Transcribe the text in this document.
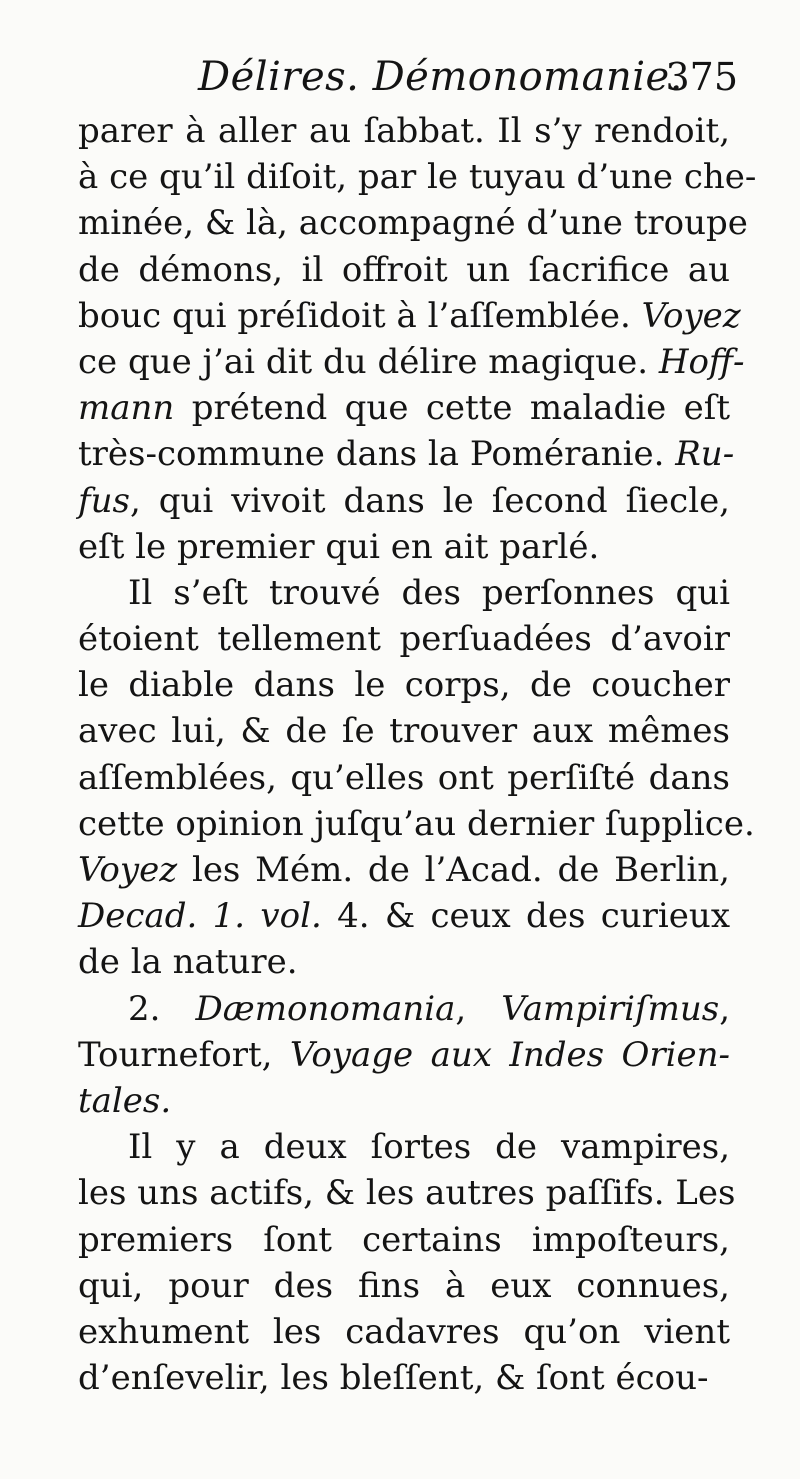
Délires. Démonomanie.
375
parer à aller au ſabbat. Il s’y rendoit,
à ce qu’il diſoit, par le tuyau d’une che-
minée, & là, accompagné d’une troupe
de démons, il offroit un ſacrifice au
bouc qui préſidoit à l’aſſemblée. Voyez
ce que j’ai dit du délire magique. Hoff-
mann prétend que cette maladie eſt
très-commune dans la Poméranie. Ru-
fus, qui vivoit dans le ſecond ſiecle,
eſt le premier qui en ait parlé.
Il s’eſt trouvé des perſonnes qui
étoient tellement perſuadées d’avoir
le diable dans le corps, de coucher
avec lui, & de ſe trouver aux mêmes
aſſemblées, qu’elles ont perſiſté dans
cette opinion juſqu’au dernier ſupplice.
Voyez les Mém. de l’Acad. de Berlin,
Decad. 1. vol. 4. & ceux des curieux
de la nature.
2. Dæmonomania, Vampiriſmus,
Tournefort, Voyage aux Indes Orien-
tales.
Il y a deux ſortes de vampires,
les uns actifs, & les autres paſſifs. Les
premiers ſont certains impoſteurs,
qui, pour des fins à eux connues,
exhument les cadavres qu’on vient
d’enſevelir, les bleſſent, & ſont écou-
